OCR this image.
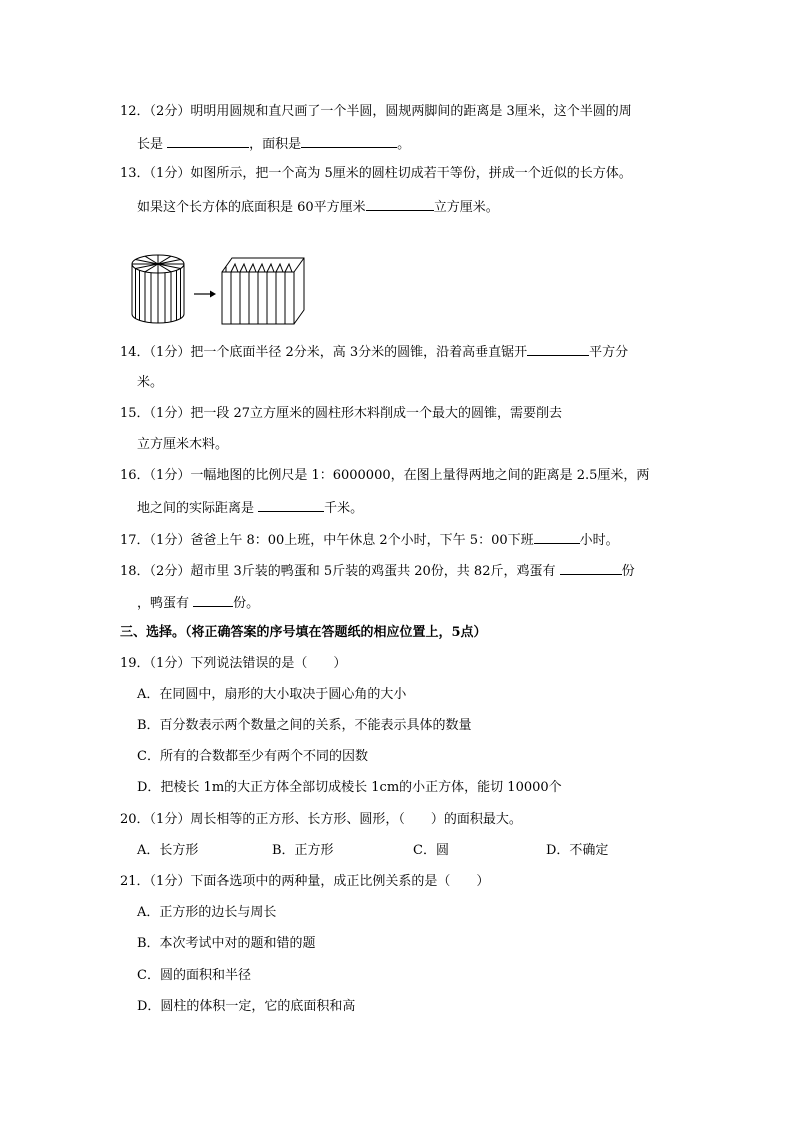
12．（2分）明明用圆规和直尺画了一个半圆，圆规两脚间的距离是 3厘米，这个半圆的周
长是	，面积是	。
13．（1分）如图所示，把一个高为 5厘米的圆柱切成若干等份，拼成一个近似的长方体。
如果这个长方体的底面积是 60平方厘米	立方厘米。
14．（1分）把一个底面半径 2分米，高 3分米的圆锥，沿着高垂直锯开	平方分
米。
15．（1分）把一段 27立方厘米的圆柱形木料削成一个最大的圆锥，需要削去
立方厘米木料。
16．（1分）一幅地图的比例尺是 1：6000000，在图上量得两地之间的距离是 2.5厘米，两
地之间的实际距离是	千米。
17．（1分）爸爸上午 8：00上班，中午休息 2个小时，下午 5：00下班	小时。
18．（2分）超市里 3斤装的鸭蛋和 5斤装的鸡蛋共 20份，共 82斤，鸡蛋有	份
，鸭蛋有	份。
三、选择。（将正确答案的序号填在答题纸的相应位置上，5点）
19．（1分）下列说法错误的是（　　）
A．在同圆中，扇形的大小取决于圆心角的大小
B．百分数表示两个数量之间的关系，不能表示具体的数量
C．所有的合数都至少有两个不同的因数
D．把棱长 1m的大正方体全部切成棱长 1cm的小正方体，能切 10000个
20．（1分）周长相等的正方形、长方形、圆形，（　　）的面积最大。
A．长方形	B．正方形	C．圆	D．不确定
21．（1分）下面各选项中的两种量，成正比例关系的是（　　）
A．正方形的边长与周长
B．本次考试中对的题和错的题
C．圆的面积和半径
D．圆柱的体积一定，它的底面积和高
